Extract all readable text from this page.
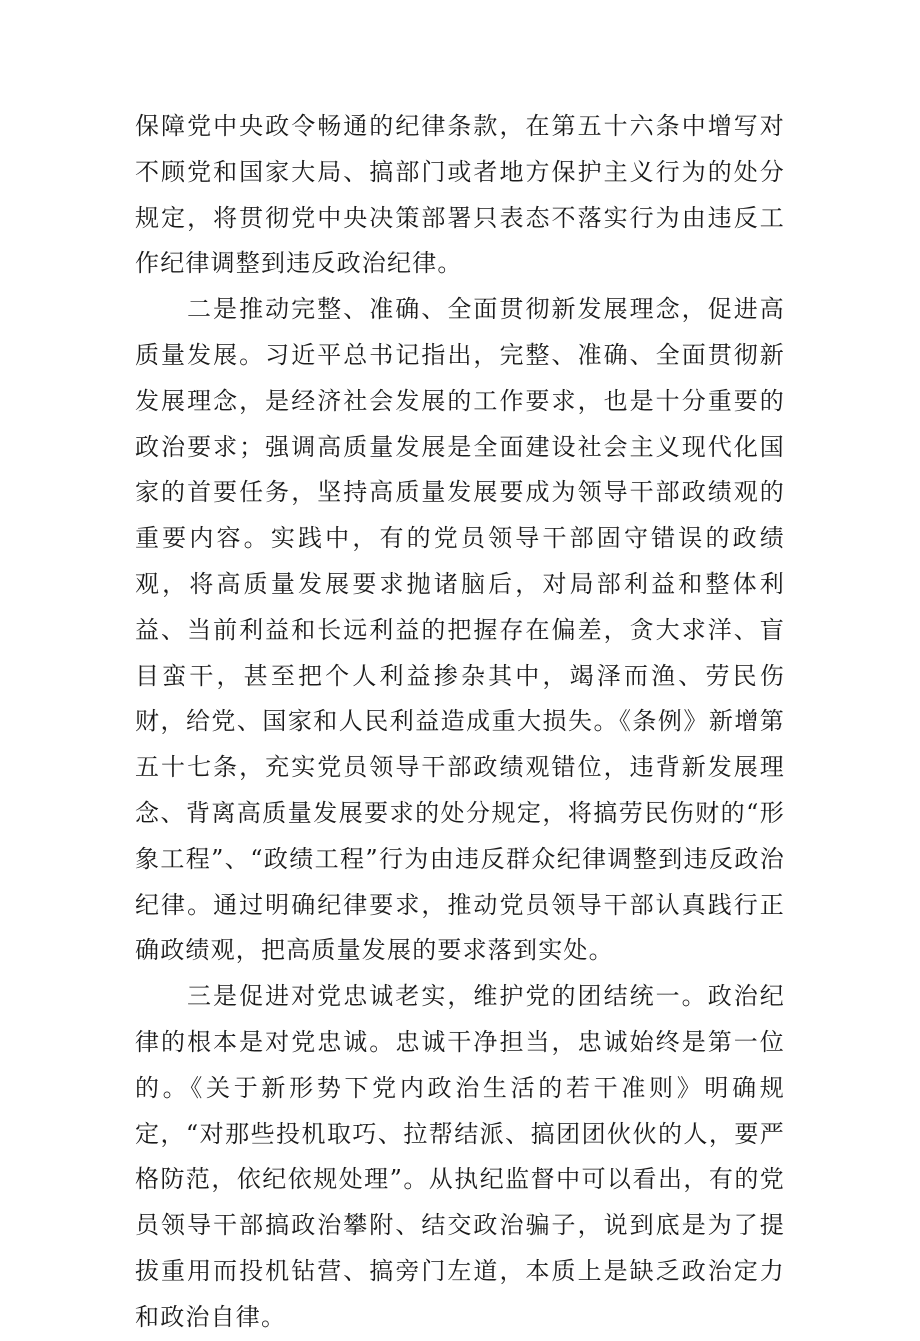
保障党中央政令畅通的纪律条款，在第五十六条中增写对不顾党和国家大局、搞部门或者地方保护主义行为的处分规定，将贯彻党中央决策部署只表态不落实行为由违反工作纪律调整到违反政治纪律。

二是推动完整、准确、全面贯彻新发展理念，促进高质量发展。习近平总书记指出，完整、准确、全面贯彻新发展理念，是经济社会发展的工作要求，也是十分重要的政治要求；强调高质量发展是全面建设社会主义现代化国家的首要任务，坚持高质量发展要成为领导干部政绩观的重要内容。实践中，有的党员领导干部固守错误的政绩观，将高质量发展要求抛诸脑后，对局部利益和整体利益、当前利益和长远利益的把握存在偏差，贪大求洋、盲目蛮干，甚至把个人利益掺杂其中，竭泽而渔、劳民伤财，给党、国家和人民利益造成重大损失。《条例》新增第五十七条，充实党员领导干部政绩观错位，违背新发展理念、背离高质量发展要求的处分规定，将搞劳民伤财的“形象工程”、“政绩工程”行为由违反群众纪律调整到违反政治纪律。通过明确纪律要求，推动党员领导干部认真践行正确政绩观，把高质量发展的要求落到实处。

三是促进对党忠诚老实，维护党的团结统一。政治纪律的根本是对党忠诚。忠诚干净担当，忠诚始终是第一位的。《关于新形势下党内政治生活的若干准则》明确规定，“对那些投机取巧、拉帮结派、搞团团伙伙的人，要严格防范，依纪依规处理”。从执纪监督中可以看出，有的党员领导干部搞政治攀附、结交政治骗子，说到底是为了提拔重用而投机钻营、搞旁门左道，本质上是缺乏政治定力和政治自律。
